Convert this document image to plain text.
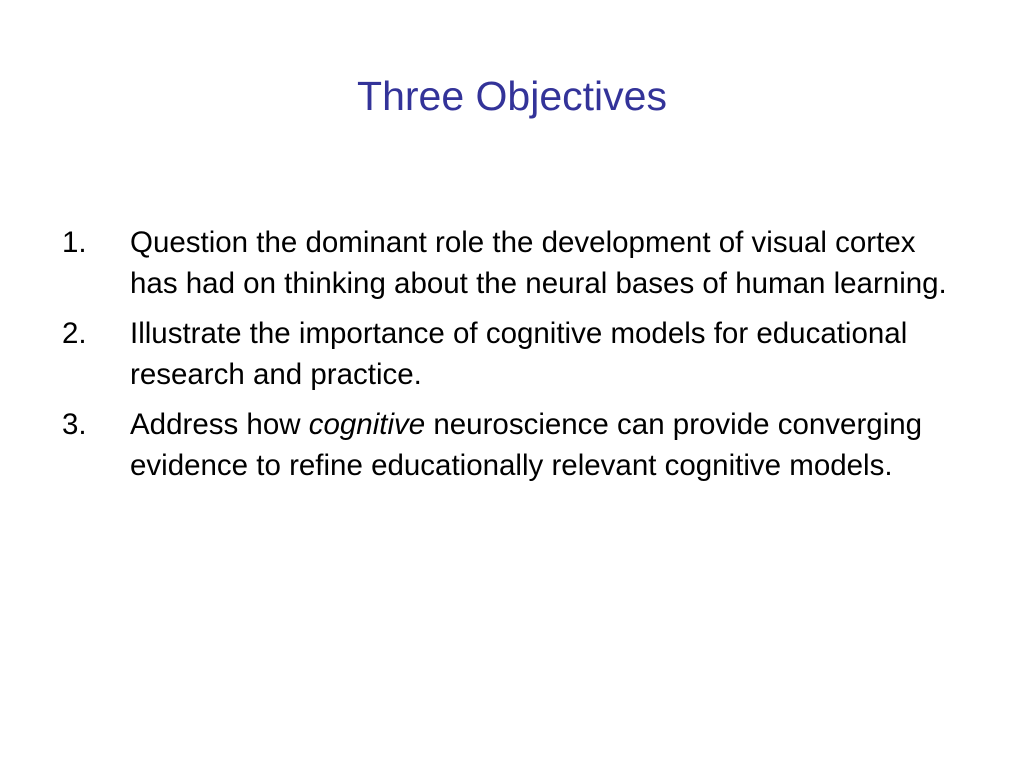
Three Objectives
1. Question the dominant role the development of visual cortex has had on thinking about the neural bases of human learning.
2. Illustrate the importance of cognitive models for educational research and practice.
3. Address how cognitive neuroscience can provide converging evidence to refine educationally relevant cognitive models.
